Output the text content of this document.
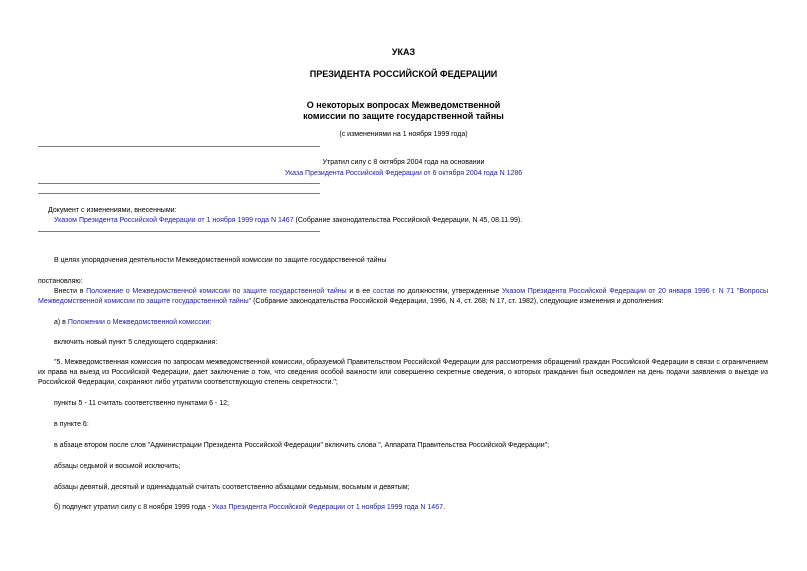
УКАЗ
ПРЕЗИДЕНТА РОССИЙСКОЙ ФЕДЕРАЦИИ
О некоторых вопросах Межведомственной
комиссии по защите государственной тайны
(с изменениями на 1 ноября 1999 года)
Утратил силу с 8 октября 2004 года на основании
Указа Президента Российской Федерации от 6 октября 2004 года N 1286
Документ с изменениями, внесенными:
Указом Президента Российской Федерации от 1 ноября 1999 года N 1467 (Собрание законодательства Российской Федерации, N 45, 08.11.99).
В целях упорядочения деятельности Межведомственной комиссии по защите государственной тайны
постановляю:
Внести в Положение о Межведомственной комиссии по защите государственной тайны и в ее состав по должностям, утвержденные Указом Президента Российской Федерации от 20 января 1996 г. N 71 "Вопросы Межведомственной комиссии по защите государственной тайны" (Собрание законодательства Российской Федерации, 1996, N 4, ст. 268; N 17, ст. 1982), следующие изменения и дополнения:
а) в Положении о Межведомственной комиссии:
включить новый пункт 5 следующего содержания:
"5. Межведомственная комиссия по запросам межведомственной комиссии, образуемой Правительством Российской Федерации для рассмотрения обращений граждан Российской Федерации в связи с ограничением их права на выезд из Российской Федерации, дает заключение о том, что сведения особой важности или совершенно секретные сведения, о которых гражданин был осведомлен на день подачи заявления о выезде из Российской Федерации, сохраняют либо утратили соответствующую степень секретности.";
пункты 5 - 11 считать соответственно пунктами 6 - 12;
в пункте 6:
в абзаце втором после слов "Администрации Президента Российской Федерации" включить слова ", Аппарата Правительства Российской Федерации";
абзацы седьмой и восьмой исключить;
абзацы девятый, десятый и одиннадцатый считать соответственно абзацами седьмым, восьмым и девятым;
б) подпункт утратил силу с 8 ноября 1999 года - Указ Президента Российской Федерации от 1 ноября 1999 года N 1467.
